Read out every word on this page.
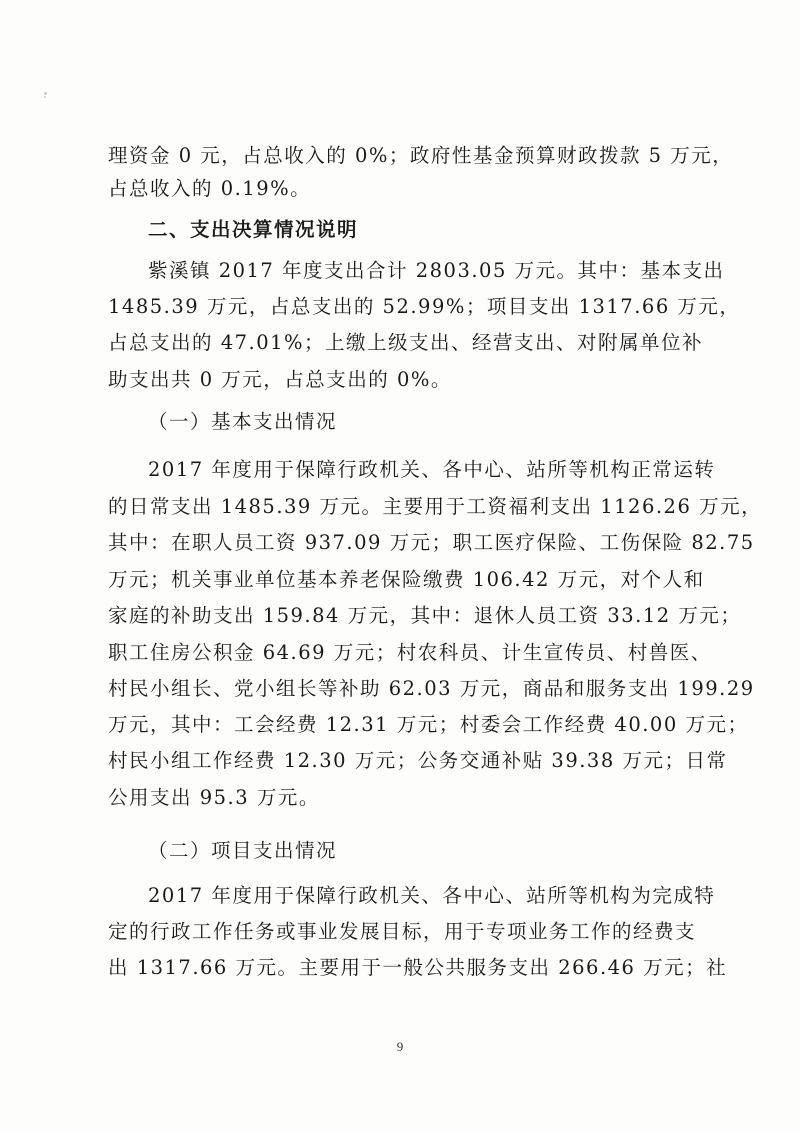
理资金 0 元，占总收入的 0%；政府性基金预算财政拨款 5 万元，
占总收入的 0.19%。
二、支出决算情况说明
紫溪镇 2017 年度支出合计 2803.05 万元。其中：基本支出
1485.39 万元，占总支出的 52.99%；项目支出 1317.66 万元，
占总支出的 47.01%；上缴上级支出、经营支出、对附属单位补
助支出共 0 万元，占总支出的 0%。
（一）基本支出情况
2017 年度用于保障行政机关、各中心、站所等机构正常运转
的日常支出 1485.39 万元。主要用于工资福利支出 1126.26 万元，
其中：在职人员工资 937.09 万元；职工医疗保险、工伤保险 82.75
万元；机关事业单位基本养老保险缴费 106.42 万元，对个人和
家庭的补助支出 159.84 万元，其中：退休人员工资 33.12 万元；
职工住房公积金 64.69 万元；村农科员、计生宣传员、村兽医、
村民小组长、党小组长等补助 62.03 万元，商品和服务支出 199.29
万元，其中：工会经费 12.31 万元；村委会工作经费 40.00 万元；
村民小组工作经费 12.30 万元；公务交通补贴 39.38 万元；日常
公用支出 95.3 万元。
（二）项目支出情况
2017 年度用于保障行政机关、各中心、站所等机构为完成特
定的行政工作任务或事业发展目标，用于专项业务工作的经费支
出 1317.66 万元。主要用于一般公共服务支出 266.46 万元；社
9
